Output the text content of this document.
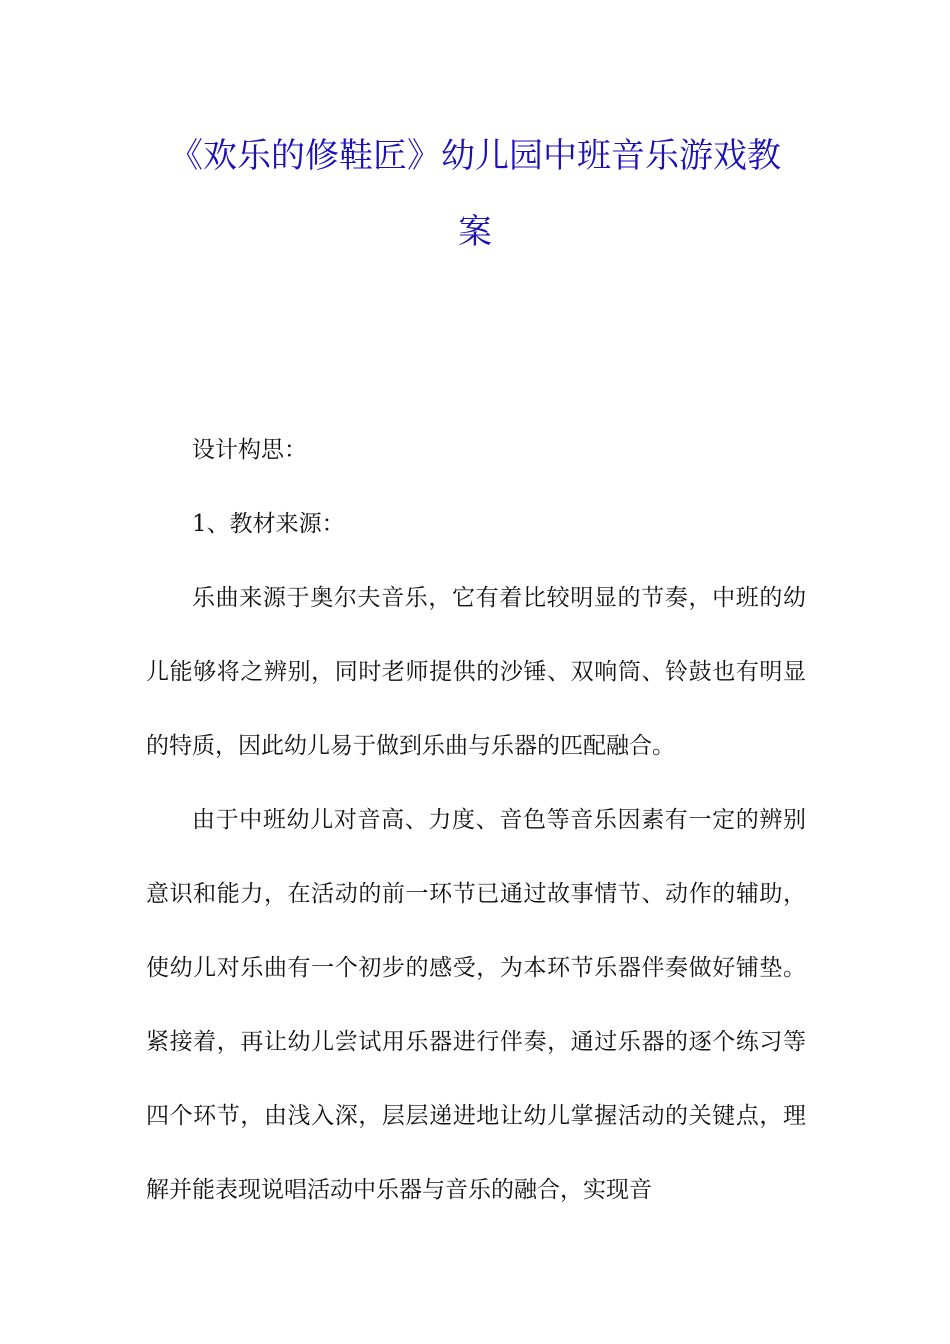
《欢乐的修鞋匠》幼儿园中班音乐游戏教
案

设计构思：

1、教材来源：

乐曲来源于奥尔夫音乐，它有着比较明显的节奏，中班的幼儿能够将之辨别，同时老师提供的沙锤、双响筒、铃鼓也有明显的特质，因此幼儿易于做到乐曲与乐器的匹配融合。

由于中班幼儿对音高、力度、音色等音乐因素有一定的辨别意识和能力，在活动的前一环节已通过故事情节、动作的辅助，使幼儿对乐曲有一个初步的感受，为本环节乐器伴奏做好铺垫。紧接着，再让幼儿尝试用乐器进行伴奏，通过乐器的逐个练习等四个环节，由浅入深，层层递进地让幼儿掌握活动的关键点，理解并能表现说唱活动中乐器与音乐的融合，实现音
